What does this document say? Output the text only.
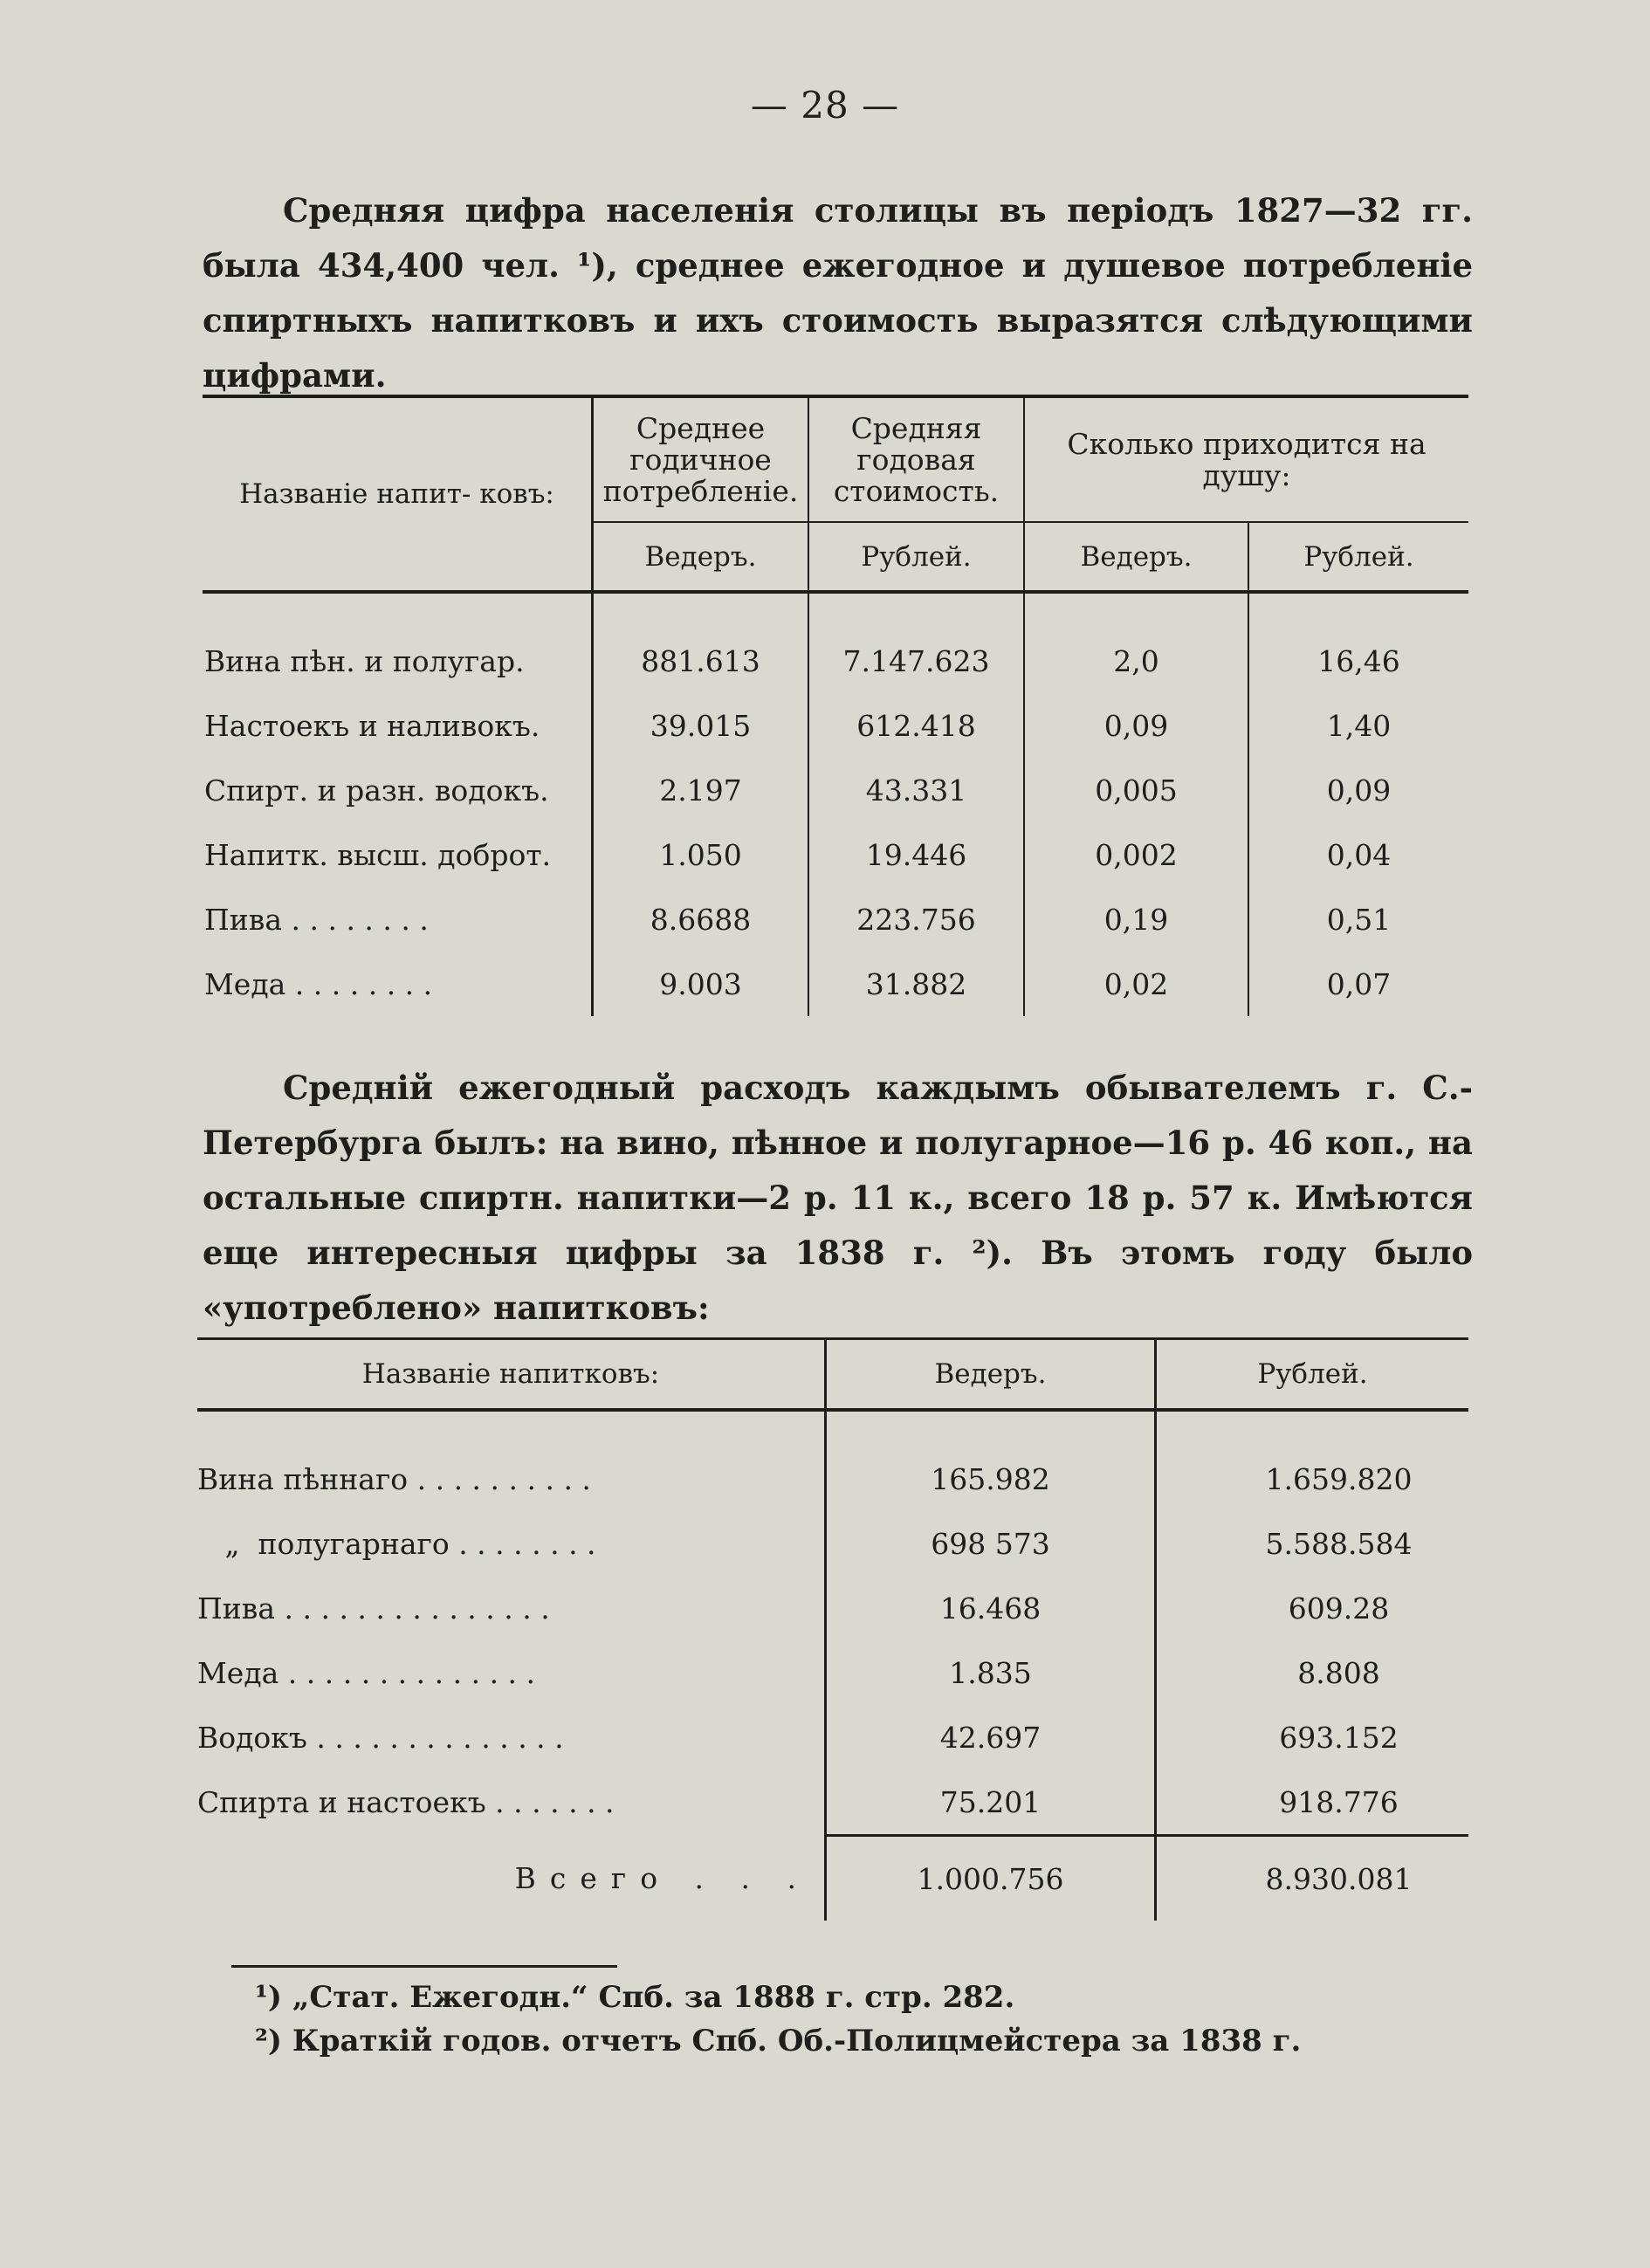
— 28 —
Средняя цифра населенія столицы въ періодъ 1827—32 гг. была 434,400 чел. ¹), среднее ежегодное и душевое потребленіе спиртныхъ напитковъ и ихъ стоимость выразятся слѣдующими цифрами.
Названіе напит- ковъ:	Среднее годичное потребленіе.	Средняя годовая стоимость.	Сколько приходится на душу:	
	Ведеръ.	Рублей.	Ведеръ.	Рублей.
Вина пѣн. и полугар.	881.613	7.147.623	2,0	16,46
Настоекъ и наливокъ.	39.015	612.418	0,09	1,40
Спирт. и разн. водокъ.	2.197	43.331	0,005	0,09
Напитк. высш. доброт.	1.050	19.446	0,002	0,04
Пива . . . . . . . .	8.6688	223.756	0,19	0,51
Меда . . . . . . . .	9.003	31.882	0,02	0,07
Средній ежегодный расходъ каждымъ обывателемъ г. С.-Петербурга былъ: на вино, пѣнное и полугарное—16 р. 46 коп., на остальные спиртн. напитки—2 р. 11 к., всего 18 р. 57 к. Имѣются еще интересныя цифры за 1838 г. ²). Въ этомъ году было «употреблено» напитковъ:
Названіе напитковъ:	Ведеръ.	Рублей.
Вина пѣннаго . . . . . . . . . .	165.982	1.659.820
„  полугарнаго . . . . . . . .	698 573	5.588.584
Пива . . . . . . . . . . . . . . .	16.468	609.28
Меда . . . . . . . . . . . . . .	1.835	8.808
Водокъ . . . . . . . . . . . . . .	42.697	693.152
Спирта и настоекъ . . . . . . .	75.201	918.776
Всего . . .	1.000.756	8.930.081
¹) „Стат. Ежегодн.“ Спб. за 1888 г. стр. 282.
²) Краткій годов. отчетъ Спб. Об.-Полицмейстера за 1838 г.
